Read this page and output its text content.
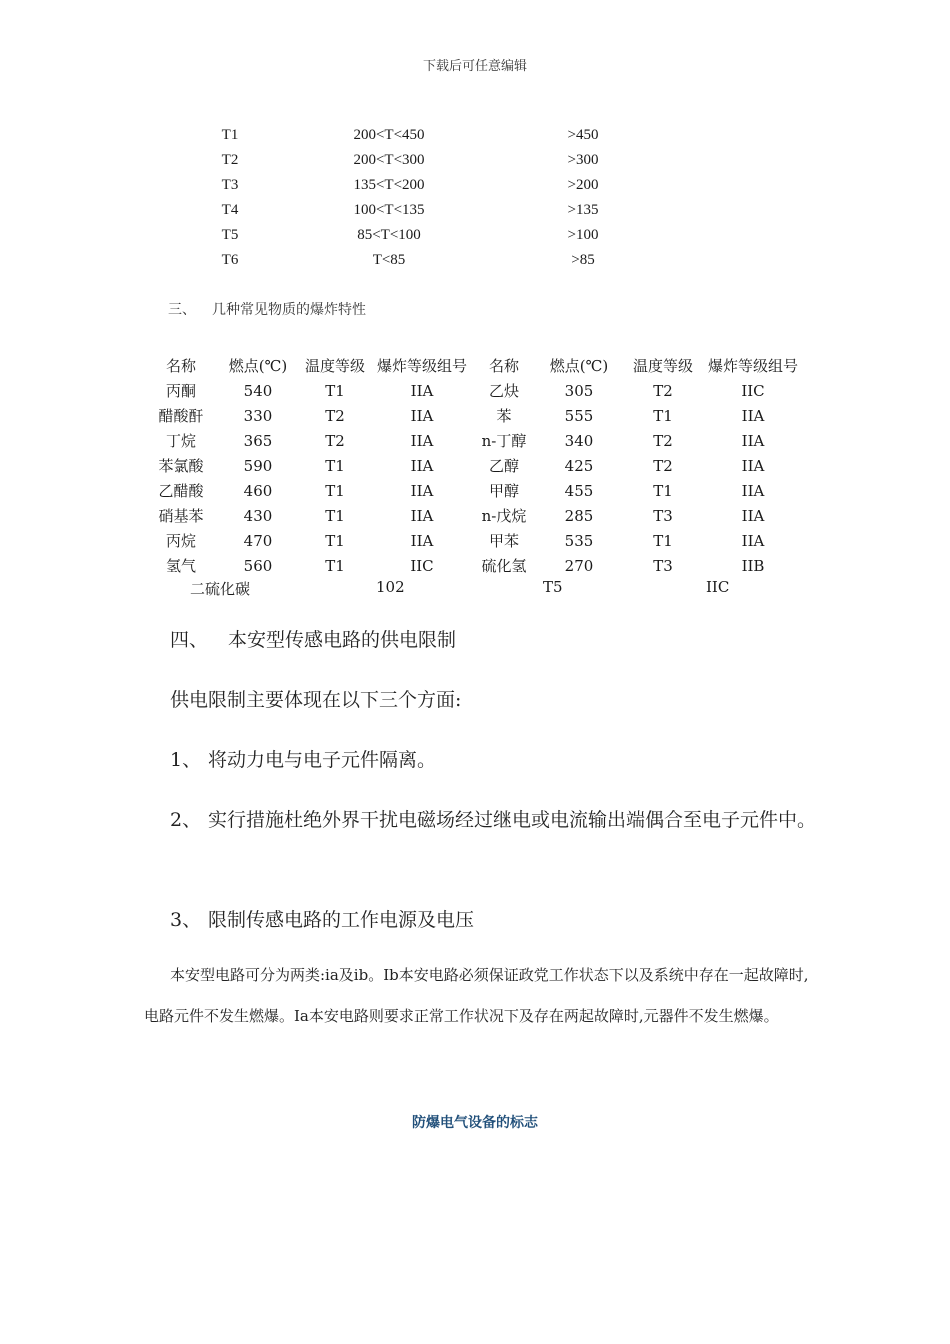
下载后可任意编辑
T1	200<T<450	>450
T2	200<T<300	>300
T3	135<T<200	>200
T4	100<T<135	>135
T5	85<T<100	>100
T6	T<85	>85
三、 几种常见物质的爆炸特性
名称	燃点(℃)	温度等级 爆炸等级组号	名称	燃点(℃)	温度等级 爆炸等级组号
丙酮	540	T1	IIA	乙炔	305	T2	IIC
醋酸酐	330	T2	IIA	苯	555	T1	IIA
丁烷	365	T2	IIA	n-丁醇	340	T2	IIA
苯氯酸	590	T1	IIA	乙醇	425	T2	IIA
乙醋酸	460	T1	IIA	甲醇	455	T1	IIA
硝基苯	430	T1	IIA	n-戊烷	285	T3	IIA
丙烷	470	T1	IIA	甲苯	535	T1	IIA
氢气	560	T1	IIC	硫化氢	270	T3	IIB
二硫化碳	102	T5	IIC
四、 本安型传感电路的供电限制
供电限制主要体现在以下三个方面:
1、 将动力电与电子元件隔离。
2、 实行措施杜绝外界干扰电磁场经过继电或电流输出端偶合至电子元件中。
3、 限制传感电路的工作电源及电压
本安型电路可分为两类:ia及ib。Ib本安电路必须保证政党工作状态下以及系统中存在一起故障时,电路元件不发生燃爆。Ia本安电路则要求正常工作状况下及存在两起故障时,元器件不发生燃爆。
防爆电气设备的标志
